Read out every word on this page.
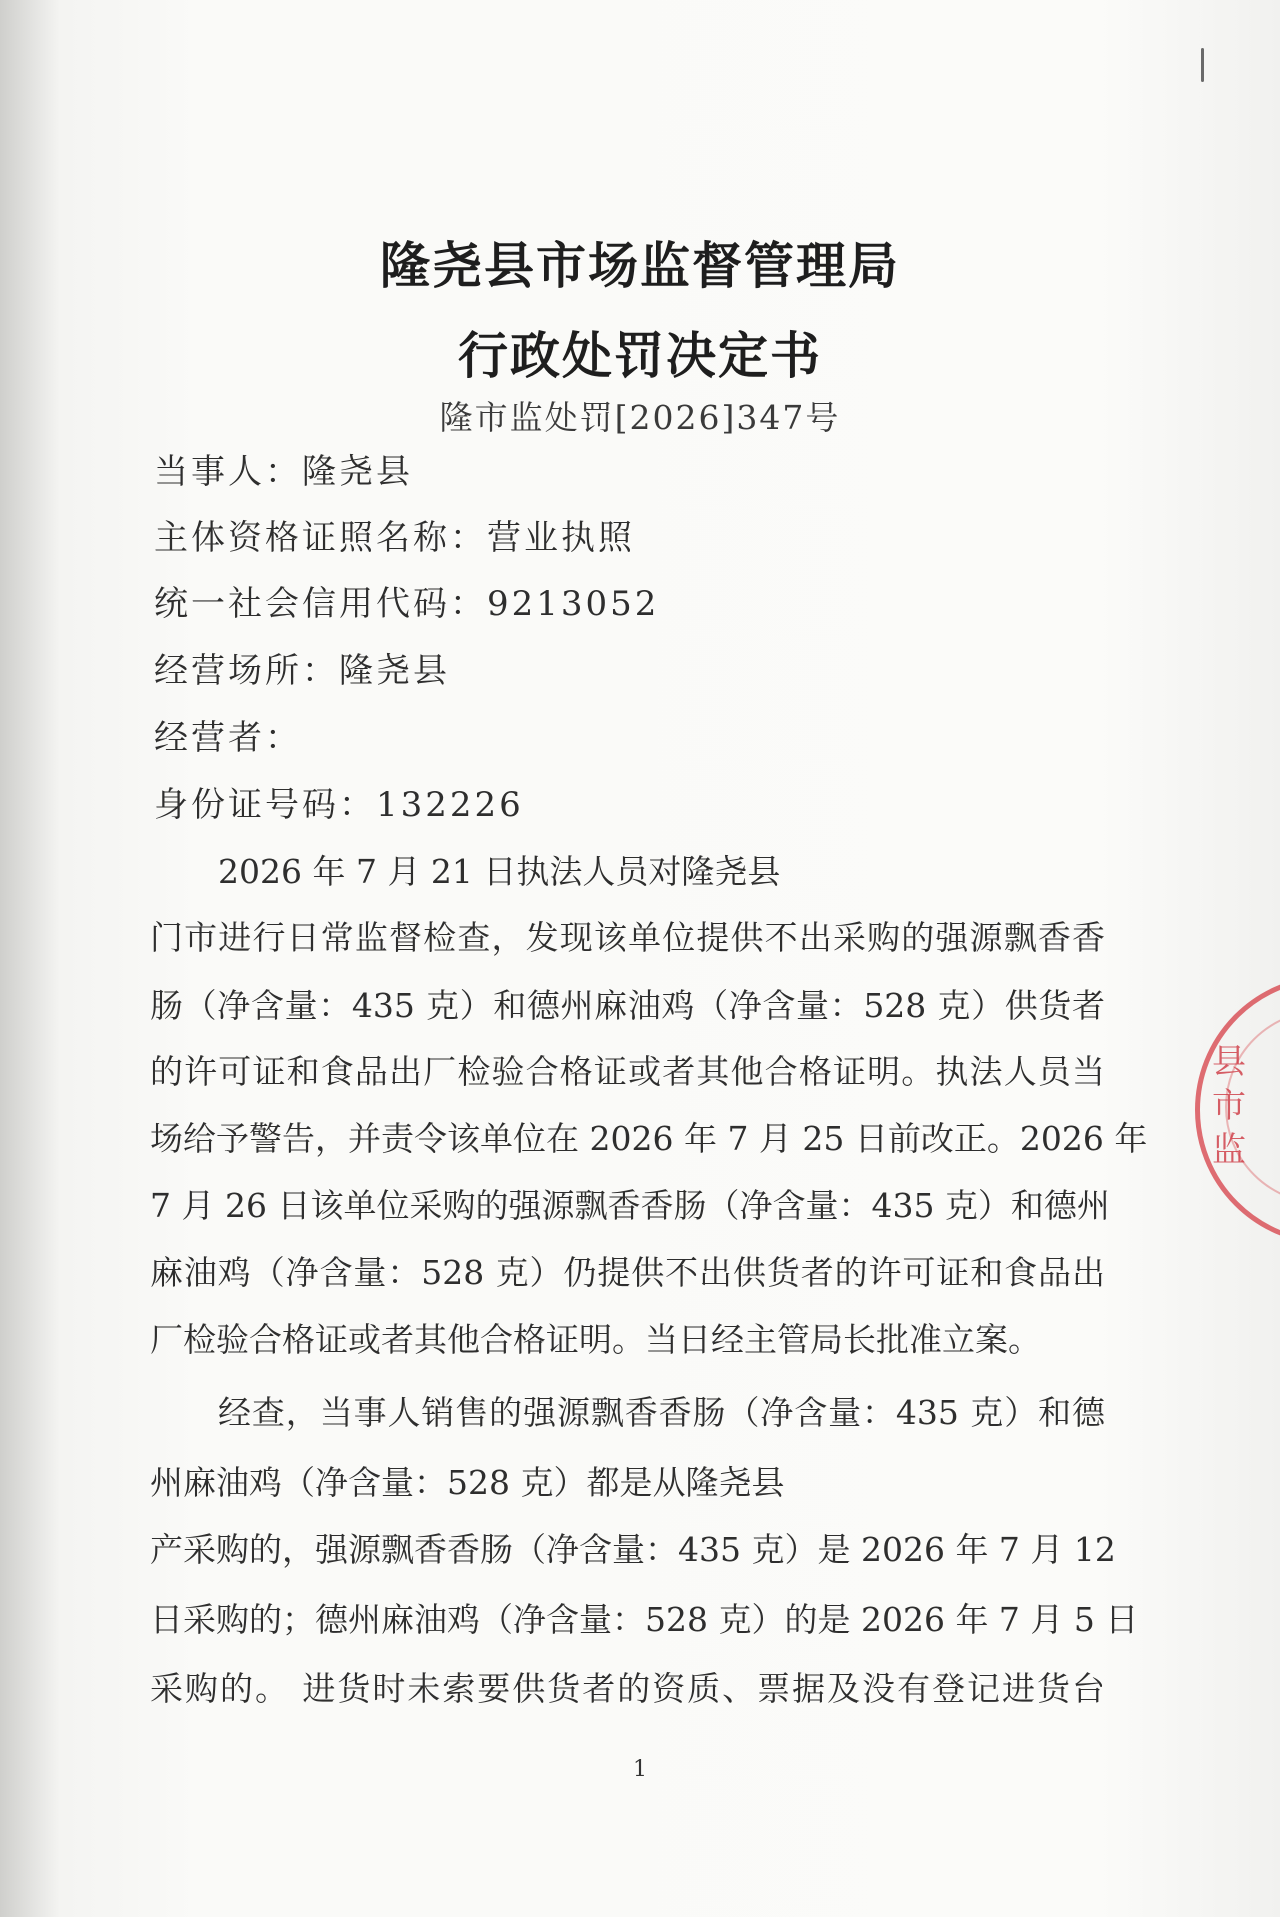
隆尧县市场监督管理局
行政处罚决定书
隆市监处罚[2026]347号
当事人：隆尧县
主体资格证照名称：营业执照
统一社会信用代码：9213052
经营场所：隆尧县
经营者：
身份证号码：132226
2026 年 7 月 21 日执法人员对隆尧县
门市进行日常监督检查，发现该单位提供不出采购的强源飘香香
肠（净含量：435 克）和德州麻油鸡（净含量：528 克）供货者
的许可证和食品出厂检验合格证或者其他合格证明。执法人员当
场给予警告，并责令该单位在 2026 年 7 月 25 日前改正。2026 年
7 月 26 日该单位采购的强源飘香香肠（净含量：435 克）和德州
麻油鸡（净含量：528 克）仍提供不出供货者的许可证和食品出
厂检验合格证或者其他合格证明。当日经主管局长批准立案。
经查，当事人销售的强源飘香香肠（净含量：435 克）和德
州麻油鸡（净含量：528 克）都是从隆尧县
产采购的，强源飘香香肠（净含量：435 克）是 2026 年 7 月 12
日采购的；德州麻油鸡（净含量：528 克）的是 2026 年 7 月 5 日
采购的。 进货时未索要供货者的资质、票据及没有登记进货台
县市监
1
